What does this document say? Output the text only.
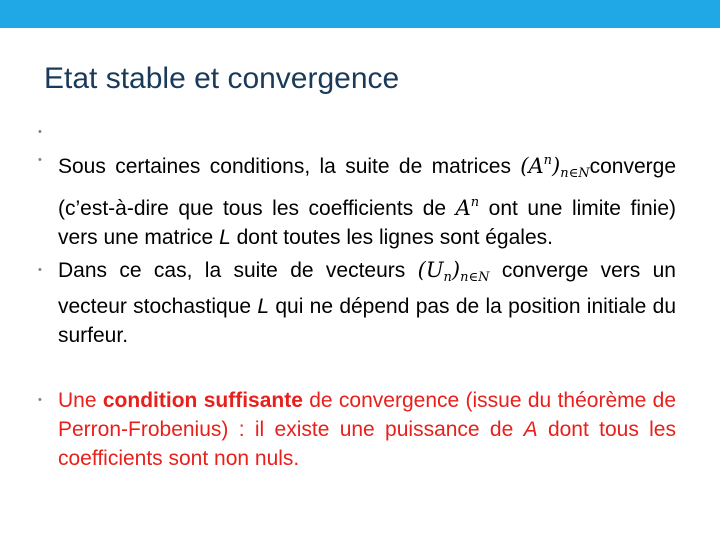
Etat stable et convergence
•
• Sous certaines conditions, la suite de matrices $(A^n)_{n\in N}converge$ (c’est-à-dire que tous les coefficients de $A^n$ ont une limite finie) vers une matrice L dont toutes les lignes sont égales.
• Dans ce cas, la suite de vecteurs $(U_n)_{n\in N}$ converge vers un vecteur stochastique L qui ne dépend pas de la position initiale du surfeur.
• Une condition suffisante de convergence (issue du théorème de Perron-Frobenius) : il existe une puissance de A dont tous les coefficients sont non nuls.
